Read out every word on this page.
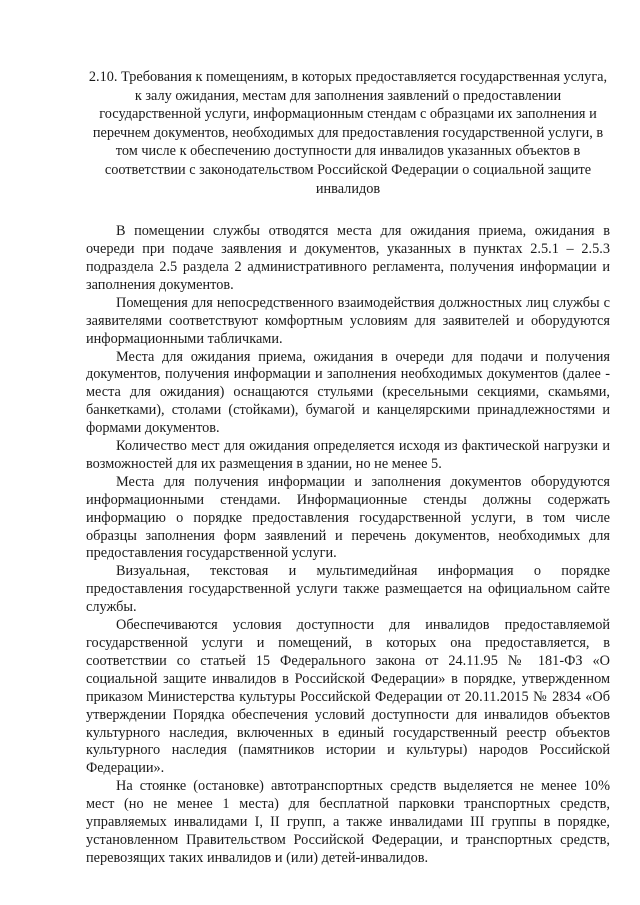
2.10. Требования к помещениям, в которых предоставляется государственная услуга, к залу ожидания, местам для заполнения заявлений о предоставлении государственной услуги, информационным стендам с образцами их заполнения и перечнем документов, необходимых для предоставления государственной услуги, в том числе к обеспечению доступности для инвалидов указанных объектов в соответствии с законодательством Российской Федерации о социальной защите инвалидов

В помещении службы отводятся места для ожидания приема, ожидания в очереди при подаче заявления и документов, указанных в пунктах 2.5.1 – 2.5.3 подраздела 2.5 раздела 2 административного регламента, получения информации и заполнения документов.

Помещения для непосредственного взаимодействия должностных лиц службы с заявителями соответствуют комфортным условиям для заявителей и оборудуются информационными табличками.

Места для ожидания приема, ожидания в очереди для подачи и получения документов, получения информации и заполнения необходимых документов (далее - места для ожидания) оснащаются стульями (кресельными секциями, скамьями, банкетками), столами (стойками), бумагой и канцелярскими принадлежностями и формами документов.

Количество мест для ожидания определяется исходя из фактической нагрузки и возможностей для их размещения в здании, но не менее 5.

Места для получения информации и заполнения документов оборудуются информационными стендами. Информационные стенды должны содержать информацию о порядке предоставления государственной услуги, в том числе образцы заполнения форм заявлений и перечень документов, необходимых для предоставления государственной услуги.

Визуальная, текстовая и мультимедийная информация о порядке предоставления государственной услуги также размещается на официальном сайте службы.

Обеспечиваются условия доступности для инвалидов предоставляемой государственной услуги и помещений, в которых она предоставляется, в соответствии со статьей 15 Федерального закона от 24.11.95 № 181-ФЗ «О социальной защите инвалидов в Российской Федерации» в порядке, утвержденном приказом Министерства культуры Российской Федерации от 20.11.2015 № 2834 «Об утверждении Порядка обеспечения условий доступности для инвалидов объектов культурного наследия, включенных в единый государственный реестр объектов культурного наследия (памятников истории и культуры) народов Российской Федерации».

На стоянке (остановке) автотранспортных средств выделяется не менее 10% мест (но не менее 1 места) для бесплатной парковки транспортных средств, управляемых инвалидами I, II групп, а также инвалидами III группы в порядке, установленном Правительством Российской Федерации, и транспортных средств, перевозящих таких инвалидов и (или) детей-инвалидов.
